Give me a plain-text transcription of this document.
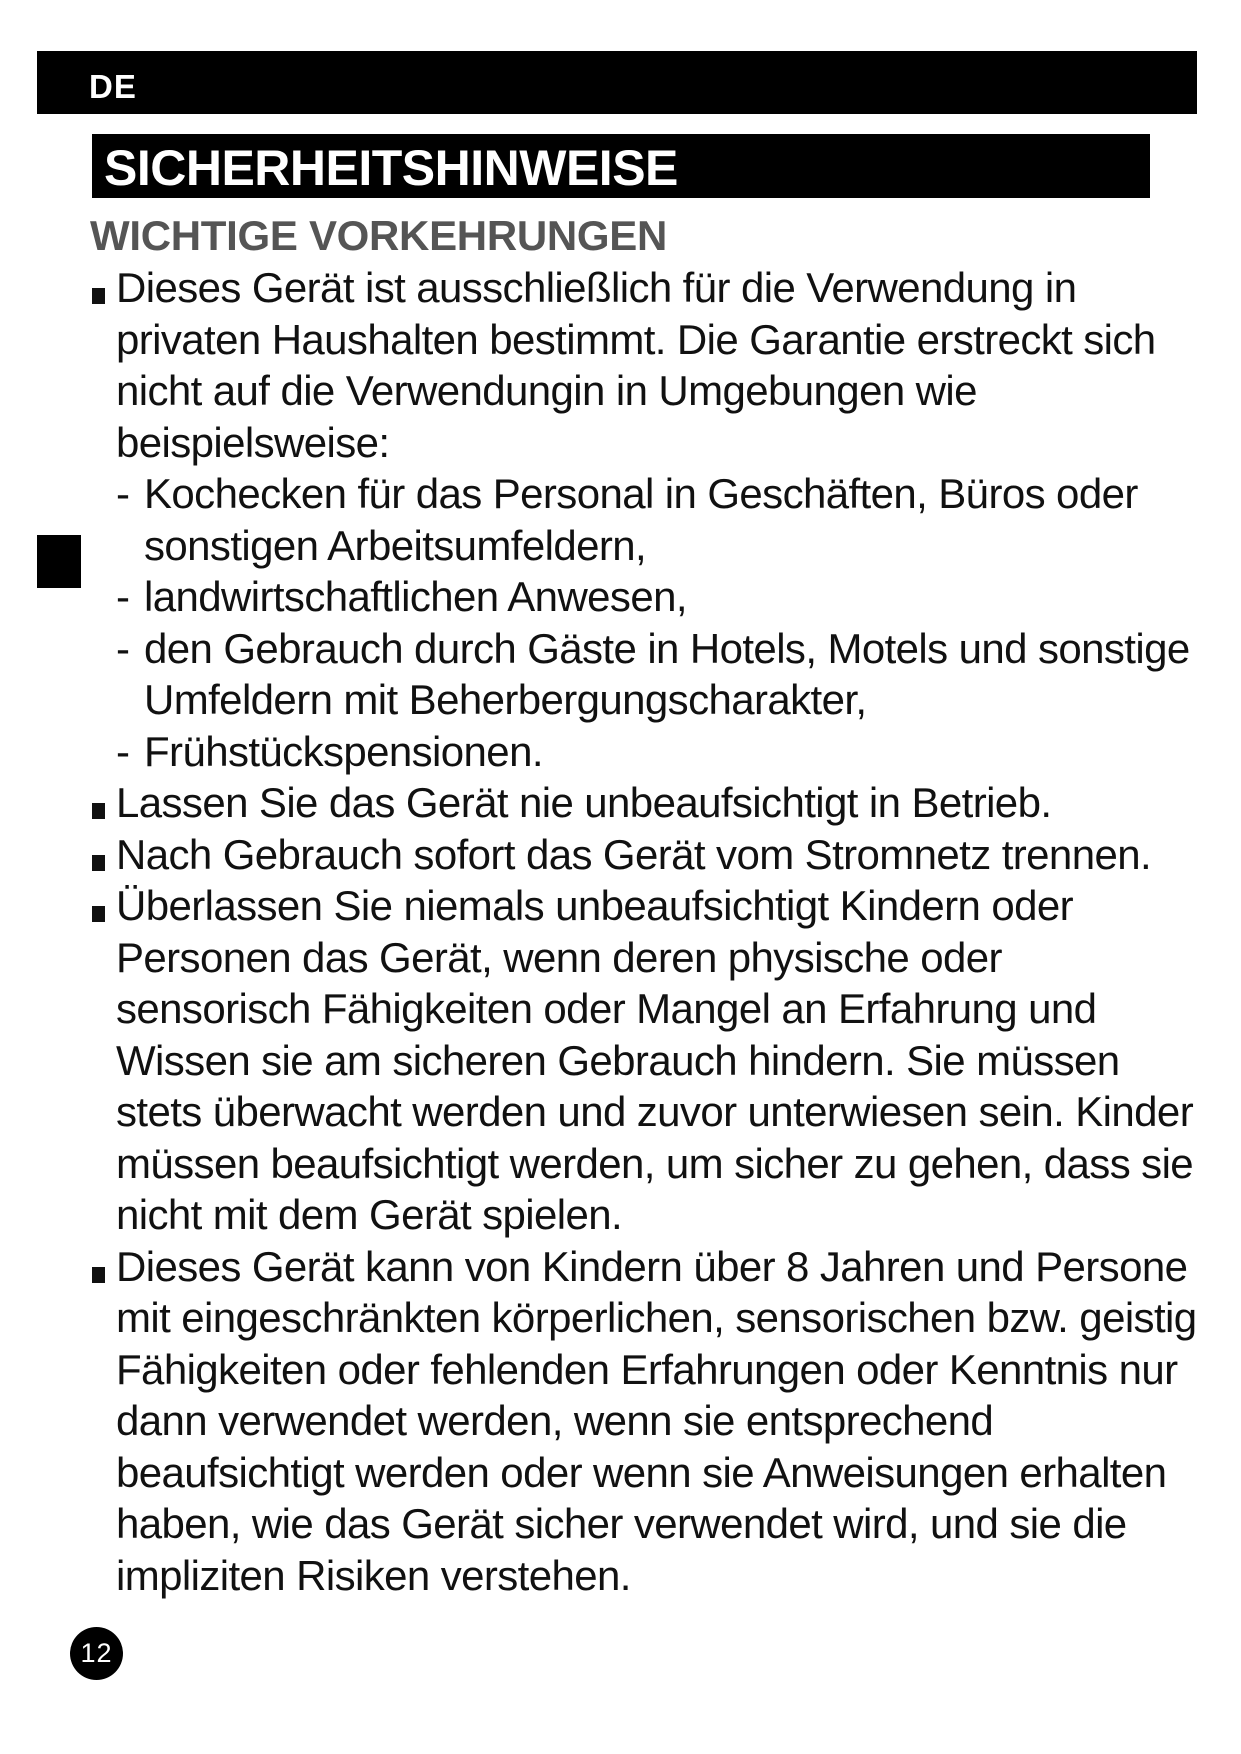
DE
SICHERHEITSHINWEISE
WICHTIGE VORKEHRUNGEN
Dieses Gerät ist ausschließlich für die Verwendung in privaten Haushalten bestimmt. Die Garantie erstreckt sich nicht auf die Verwendungin in Umgebungen wie beispielsweise:
- Kochecken für das Personal in Geschäften, Büros oder sonstigen Arbeitsumfeldern,
- landwirtschaftlichen Anwesen,
- den Gebrauch durch Gäste in Hotels, Motels und sonstige Umfeldern mit Beherbergungscharakter,
- Frühstückspensionen.
Lassen Sie das Gerät nie unbeaufsichtigt in Betrieb.
Nach Gebrauch sofort das Gerät vom Stromnetz trennen.
Überlassen Sie niemals unbeaufsichtigt Kindern oder Personen das Gerät, wenn deren physische oder sensorisch Fähigkeiten oder Mangel an Erfahrung und Wissen sie am sicheren Gebrauch hindern. Sie müssen stets überwacht werden und zuvor unterwiesen sein. Kinder müssen beaufsichtigt werden, um sicher zu gehen, dass sie nicht mit dem Gerät spielen.
Dieses Gerät kann von Kindern über 8 Jahren und Persone mit eingeschränkten körperlichen, sensorischen bzw. geistig Fähigkeiten oder fehlenden Erfahrungen oder Kenntnis nur dann verwendet werden, wenn sie entsprechend beaufsichtigt werden oder wenn sie Anweisungen erhalten haben, wie das Gerät sicher verwendet wird, und sie die impliziten Risiken verstehen.
12
